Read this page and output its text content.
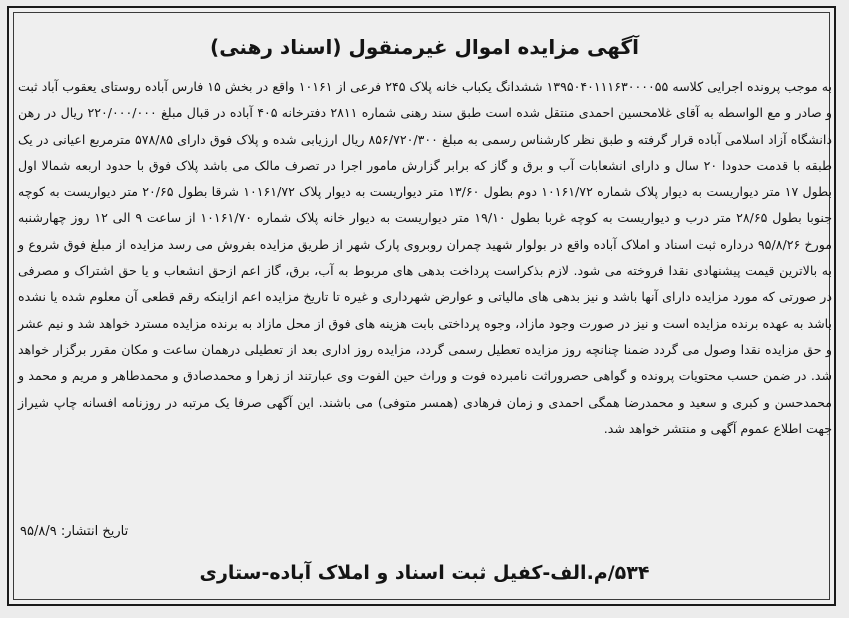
آگهی مزایده اموال غیرمنقول (اسناد رهنی)
به موجب پرونده اجرایی کلاسه ۱۳۹۵۰۴۰۱۱۱۶۳۰۰۰۰۵۵ ششدانگ یکباب خانه پلاک ۲۴۵ فرعی از ۱۰۱۶۱ واقع در بخش ۱۵ فارس آباده روستای یعقوب آباد ثبت و صادر و مع الواسطه به آقای غلامحسین احمدی منتقل شده است طبق سند رهنی شماره ۲۸۱۱ دفترخانه ۴۰۵ آباده در قبال مبلغ ۲۲۰/۰۰۰/۰۰۰ ریال در رهن دانشگاه آزاد اسلامی آباده قرار گرفته و طبق نظر کارشناس رسمی به مبلغ ۸۵۶/۷۲۰/۳۰۰ ریال ارزیابی شده و پلاک فوق دارای ۵۷۸/۸۵ مترمربع اعیانی در یک طبقه با قدمت حدودا ۲۰ سال و دارای انشعابات آب و برق و گاز که برابر گزارش مامور اجرا در تصرف مالک می باشد پلاک فوق با حدود اربعه شمالا اول بطول ۱۷ متر دیواریست به دیوار پلاک شماره ۱۰۱۶۱/۷۲ دوم بطول ۱۳/۶۰ متر دیواریست به دیوار پلاک ۱۰۱۶۱/۷۲ شرقا بطول ۲۰/۶۵ متر دیواریست به کوچه جنوبا بطول ۲۸/۶۵ متر درب و دیواریست به کوچه غربا بطول ۱۹/۱۰ متر دیواریست به دیوار خانه پلاک شماره ۱۰۱۶۱/۷۰ از ساعت ۹ الی ۱۲ روز چهارشنبه مورخ ۹۵/۸/۲۶ درداره ثبت اسناد و املاک آباده واقع در بولوار شهید چمران روبروی پارک شهر از طریق مزایده بفروش می رسد مزایده از مبلغ فوق شروع و به بالاترین قیمت پیشنهادی نقدا فروخته می شود. لازم بذکراست پرداخت بدهی های مربوط به آب، برق، گاز اعم ازحق انشعاب و یا حق اشتراک و مصرفی در صورتی که مورد مزایده دارای آنها باشد و نیز بدهی های مالیاتی و عوارض شهرداری و غیره تا تاریخ مزایده اعم ازاینکه رقم قطعی آن معلوم شده یا نشده باشد به عهده برنده مزایده است و نیز در صورت وجود مازاد، وجوه پرداختی بابت هزینه های فوق از محل مازاد به برنده مزایده مسترد خواهد شد و نیم عشر و حق مزایده نقدا وصول می گردد ضمنا چنانچه روز مزایده تعطیل رسمی گردد، مزایده روز اداری بعد از تعطیلی درهمان ساعت و مکان مقرر برگزار خواهد شد. در ضمن حسب محتویات پرونده و گواهی حصروراثت نامبرده فوت و وراث حین الفوت وی عبارتند از زهرا و محمدصادق و محمدطاهر و مریم و محمد و محمدحسن و کبری و سعید و محمدرضا همگی احمدی و زمان فرهادی (همسر متوفی) می باشند. این آگهی صرفا یک مرتبه در روزنامه افسانه چاپ شیراز جهت اطلاع عموم آگهی و منتشر خواهد شد.
تاریخ انتشار: ۹۵/۸/۹
۵۳۴/م.الف-کفیل ثبت اسناد و املاک آباده-ستاری
